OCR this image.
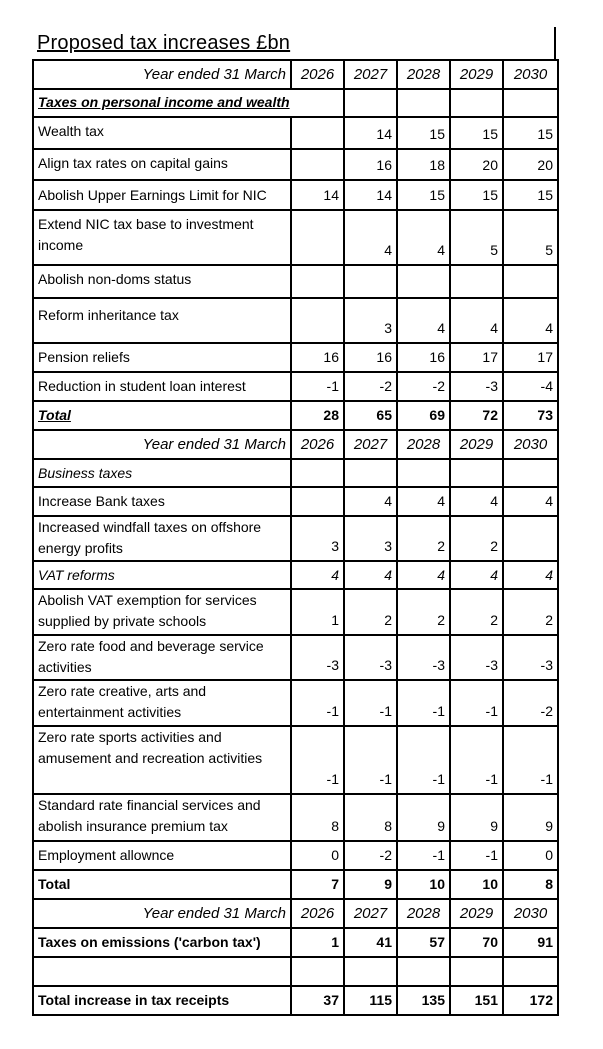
Proposed tax increases £bn
Year ended 31 March	2026	2027	2028	2029	2030
Taxes on personal income and wealth					
Wealth tax		14	15	15	15
Align tax rates on capital gains		16	18	20	20
Abolish Upper Earnings Limit for NIC	14	14	15	15	15
Extend NIC tax base to investment income		4	4	5	5
Abolish non-doms status					
Reform inheritance tax		3	4	4	4
Pension reliefs	16	16	16	17	17
Reduction in student loan interest	-1	-2	-2	-3	-4
Total	28	65	69	72	73
Year ended 31 March	2026	2027	2028	2029	2030
Business taxes					
Increase Bank taxes		4	4	4	4
Increased windfall taxes on offshore energy profits	3	3	2	2	
VAT reforms	4	4	4	4	4
Abolish VAT exemption for services supplied by private schools	1	2	2	2	2
Zero rate food and beverage service activities	-3	-3	-3	-3	-3
Zero rate creative, arts and entertainment activities	-1	-1	-1	-1	-2
Zero rate sports activities and amusement and recreation activities	-1	-1	-1	-1	-1
Standard rate financial services and abolish insurance premium tax	8	8	9	9	9
Employment allownce	0	-2	-1	-1	0
Total	7	9	10	10	8
Year ended 31 March	2026	2027	2028	2029	2030
Taxes on emissions ('carbon tax')	1	41	57	70	91

Total increase in tax receipts	37	115	135	151	172
